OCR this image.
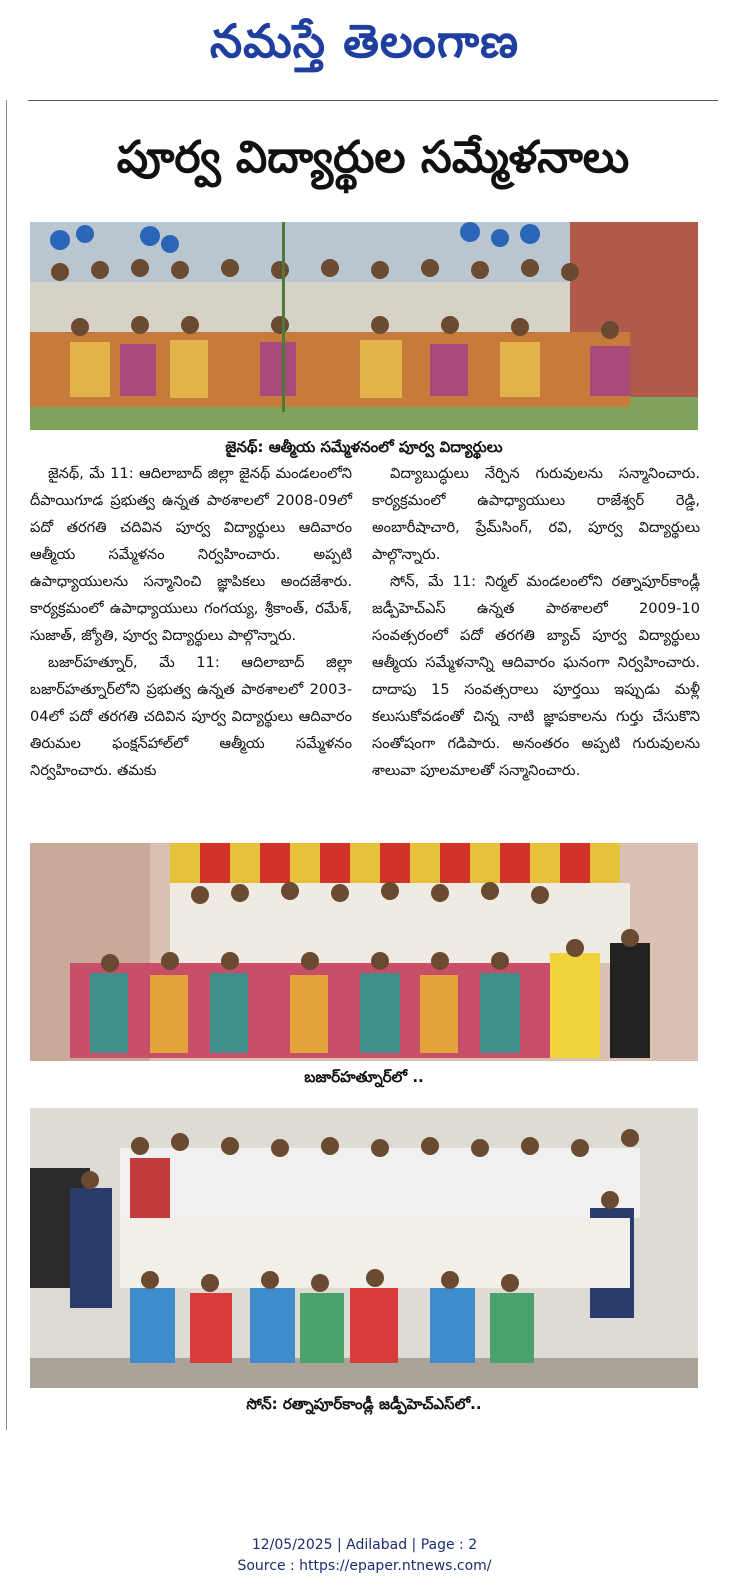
నమస్తే తెలంగాణ
పూర్వ విద్యార్థుల సమ్మేళనాలు
జైనథ్: ఆత్మీయ సమ్మేళనంలో పూర్వ విద్యార్థులు

జైనథ్, మే 11: ఆదిలాబాద్ జిల్లా జైనథ్ మండలంలోని దీపాయిగూడ ప్రభుత్వ ఉన్నత పాఠశాలలో 2008-09లో పదో తరగతి చదివిన పూర్వ విద్యార్థులు ఆదివారం ఆత్మీయ సమ్మేళనం నిర్వహించారు. అప్పటి ఉపాధ్యాయులను సన్మానించి జ్ఞాపికలు అందజేశారు. కార్యక్రమంలో ఉపాధ్యాయులు గంగయ్య, శ్రీకాంత్, రమేశ్, సుజాత్, జ్యోతి, పూర్వ విద్యార్థులు పాల్గొన్నారు.

బజార్‌హత్నూర్, మే 11: ఆదిలాబాద్ జిల్లా బజార్‌హత్నూర్‌లోని ప్రభుత్వ ఉన్నత పాఠశాలలో 2003-04లో పదో తరగతి చదివిన పూర్వ విద్యార్థులు ఆదివారం తిరుమల ఫంక్షన్‌హాల్‌లో ఆత్మీయ సమ్మేళనం నిర్వహించారు. తమకు

విద్యాబుద్ధులు నేర్పిన గురువులను సన్మానించారు. కార్యక్రమంలో ఉపాధ్యాయులు రాజేశ్వర్ రెడ్డి, అంబారీషాచారి, ప్రేమ్‌సింగ్, రవి, పూర్వ విద్యార్థులు పాల్గొన్నారు.

సోన్, మే 11: నిర్మల్ మండలంలోని రత్నాపూర్‌కాండ్లీ జడ్పీహెచ్ఎస్ ఉన్నత పాఠశాలలో 2009-10 సంవత్సరంలో పదో తరగతి బ్యాచ్ పూర్వ విద్యార్థులు ఆత్మీయ సమ్మేళనాన్ని ఆదివారం ఘనంగా నిర్వహించారు. దాదాపు 15 సంవత్సరాలు పూర్తయి ఇప్పుడు మళ్లీ కలుసుకోవడంతో చిన్న నాటి జ్ఞాపకాలను గుర్తు చేసుకొని సంతోషంగా గడిపారు. అనంతరం అప్పటి గురువులను శాలువా పూలమాలతో సన్మానించారు.

బజార్‌హత్నూర్‌లో ..
సోన్: రత్నాపూర్‌కాండ్లీ జడ్పీహెచ్ఎస్‌లో..
12/05/2025 | Adilabad | Page : 2
Source : https://epaper.ntnews.com/
